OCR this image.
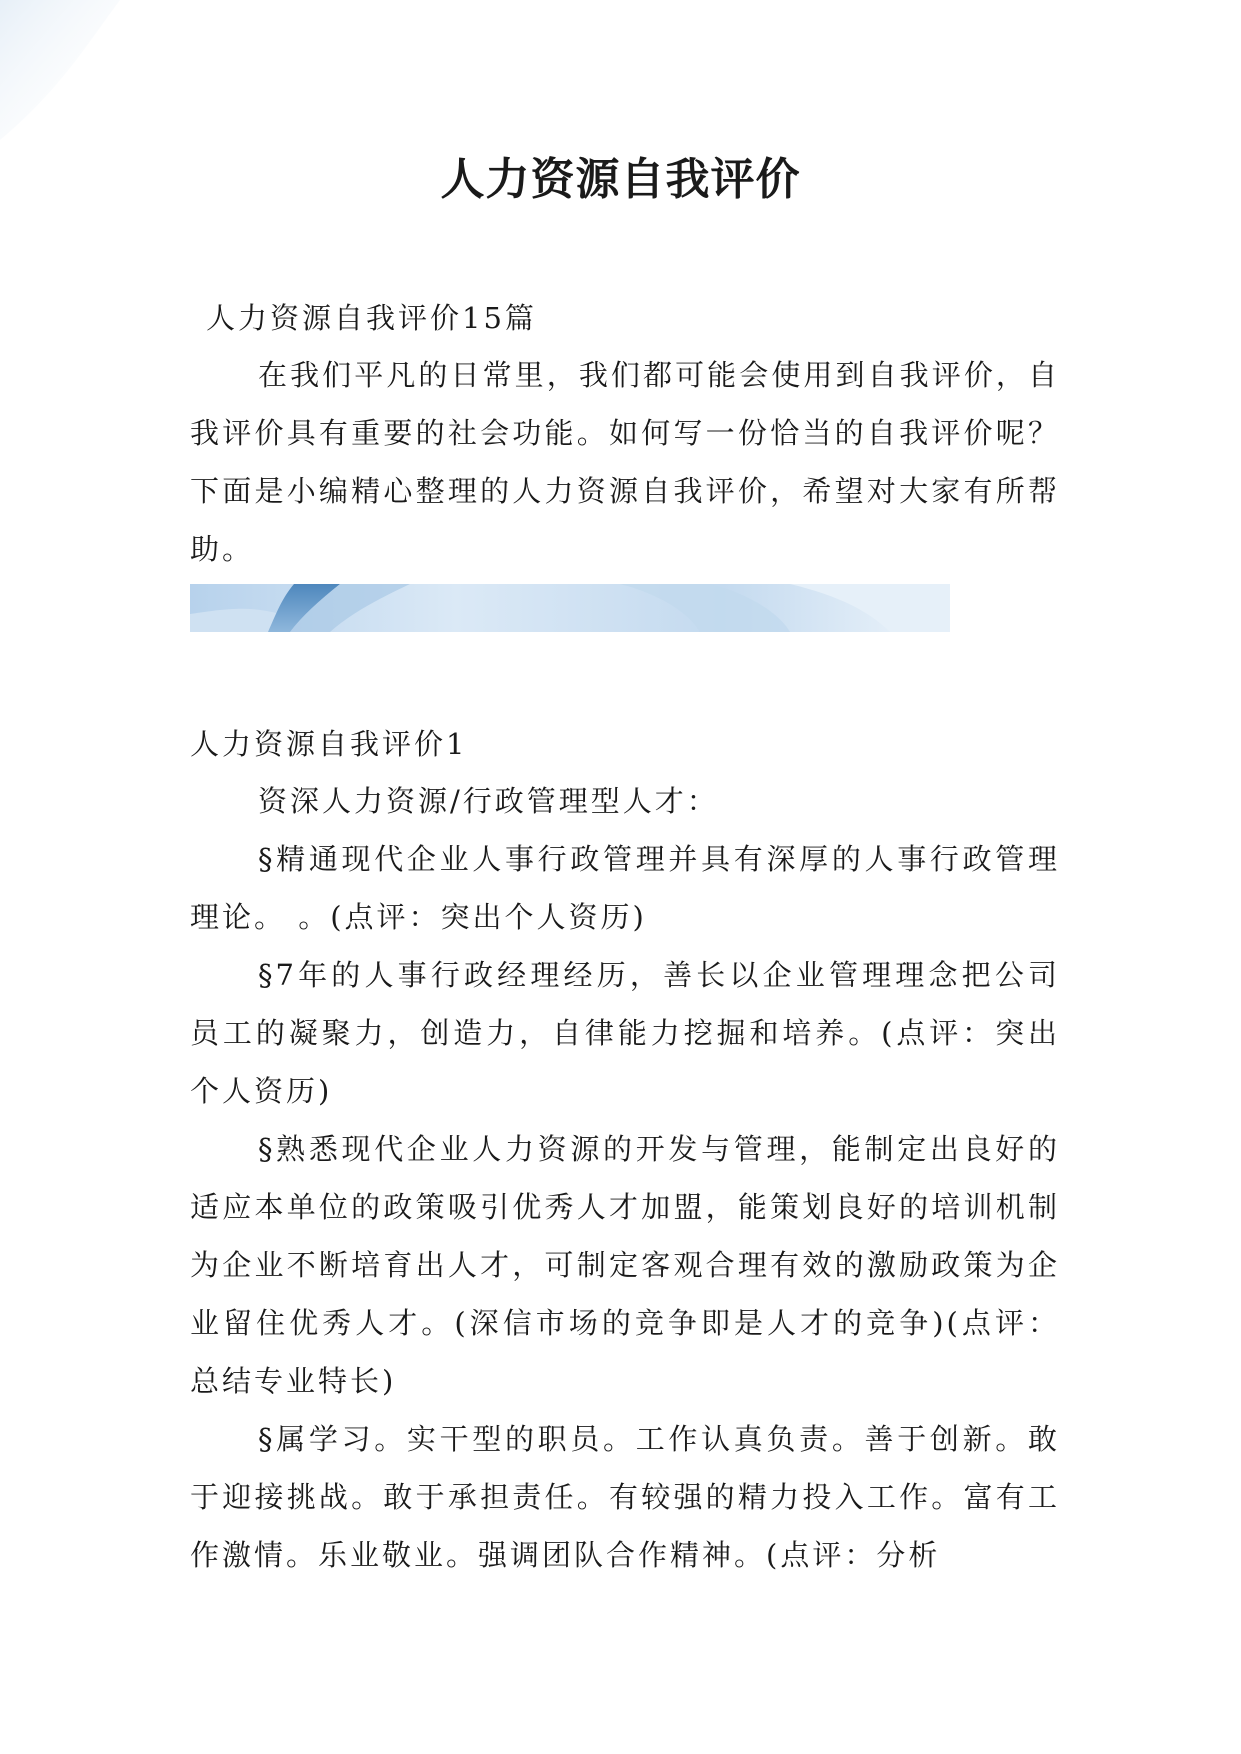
人力资源自我评价

人力资源自我评价15篇

在我们平凡的日常里，我们都可能会使用到自我评价，自我评价具有重要的社会功能。如何写一份恰当的自我评价呢？下面是小编精心整理的人力资源自我评价，希望对大家有所帮助。

人力资源自我评价1

资深人力资源/行政管理型人才：

§精通现代企业人事行政管理并具有深厚的人事行政管理理论。 。(点评：突出个人资历)

§7年的人事行政经理经历，善长以企业管理理念把公司员工的凝聚力，创造力，自律能力挖掘和培养。(点评：突出个人资历)

§熟悉现代企业人力资源的开发与管理，能制定出良好的适应本单位的政策吸引优秀人才加盟，能策划良好的培训机制为企业不断培育出人才，可制定客观合理有效的激励政策为企业留住优秀人才。(深信市场的竞争即是人才的竞争)(点评：总结专业特长)

§属学习。实干型的职员。工作认真负责。善于创新。敢于迎接挑战。敢于承担责任。有较强的精力投入工作。富有工作激情。乐业敬业。强调团队合作精神。(点评：分析
